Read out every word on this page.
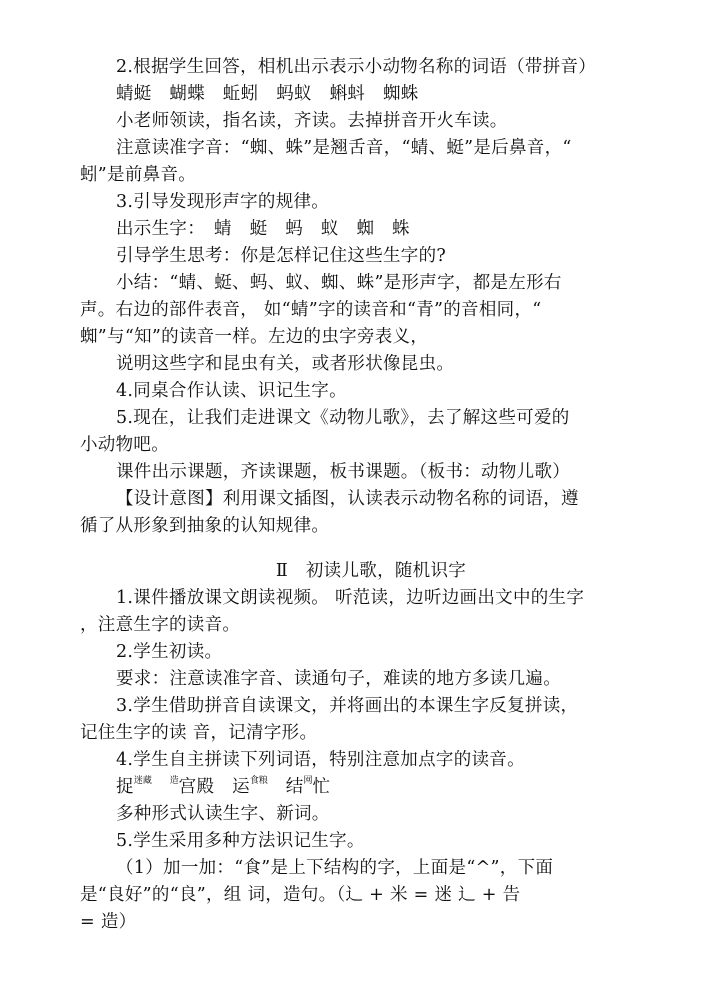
2.根据学生回答，相机出示表示小动物名称的词语（带拼音）
蜻蜓　蝴蝶　蚯蚓　蚂蚁　蝌蚪　蜘蛛
小老师领读，指名读，齐读。去掉拼音开火车读。
注意读准字音：“蜘、蛛”是翘舌音，“蜻、蜓”是后鼻音，“
蚓”是前鼻音。
3.引导发现形声字的规律。
出示生字：　蜻　蜓　蚂　蚁　蜘　蛛
引导学生思考：你是怎样记住这些生字的?
小结：“蜻、蜓、蚂、蚁、蜘、蛛”是形声字，都是左形右
声。右边的部件表音， 如“蜻”字的读音和“青”的音相同，“
蜘”与“知”的读音一样。左边的虫字旁表义，
说明这些字和昆虫有关，或者形状像昆虫。
4.同桌合作认读、识记生字。
5.现在，让我们走进课文《动物儿歌》，去了解这些可爱的
小动物吧。
课件出示课题，齐读课题，板书课题。（板书：动物儿歌）
【设计意图】利用课文插图，认读表示动物名称的词语，遵
循了从形象到抽象的认知规律。
Ⅱ　初读儿歌，随机识字
1.课件播放课文朗读视频。 听范读，边听边画出文中的生字
，注意生字的读音。
2.学生初读。
要求：注意读准字音、读通句子，难读的地方多读几遍。
3.学生借助拼音自读课文，并将画出的本课生字反复拼读，
记住生字的读 音，记清字形。
4.学生自主拼读下列词语，特别注意加点字的读音。
捉迷藏　 造宫殿　 运食粮　 结网忙
多种形式认读生字、新词。
5.学生采用多种方法识记生字。
（1）加一加：“食”是上下结构的字，上面是“^”，下面
是“良好”的“良”，组 词，造句。（辶 + 米 = 迷 辶 + 告
= 造）
